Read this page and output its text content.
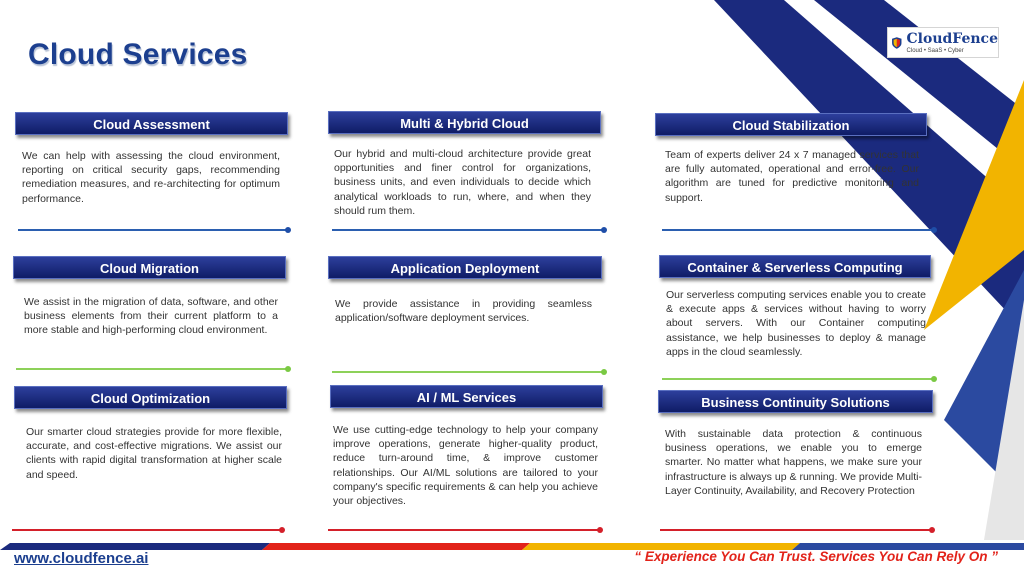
Cloud Services	CloudFence
Cloud • SaaS • Cyber
Cloud Assessment

We can help with assessing the cloud environment, reporting on critical security gaps, recommending remediation measures, and re-architecting for optimum performance.

Multi & Hybrid Cloud

Our hybrid and multi-cloud architecture provide great opportunities and finer control for organizations, business units, and even individuals to decide which analytical workloads to run, where, and when they should rum them.

Cloud Stabilization

Team of experts deliver 24 x 7 managed services that are fully automated, operational and error-free. Our algorithm are tuned for predictive monitoring and support.

Cloud Migration

We assist in the migration of data, software, and other business elements from their current platform to a more stable and high-performing cloud environment.

Application Deployment

We provide assistance in providing seamless application/software deployment services.

Container & Serverless Computing

Our serverless computing services enable you to create & execute apps & services without having to worry about servers. With our Container computing assistance, we help businesses to deploy & manage apps in the cloud seamlessly.

Cloud Optimization

Our smarter cloud strategies provide for more flexible, accurate, and cost-effective migrations. We assist our clients with rapid digital transformation at higher scale and speed.

AI / ML Services

We use cutting-edge technology to help your company improve operations, generate higher-quality product, reduce turn-around time, & improve customer relationships. Our AI/ML solutions are tailored to your company's specific requirements & can help you achieve your objectives.

Business Continuity Solutions

With sustainable data protection & continuous business operations, we enable you to emerge smarter. No matter what happens, we make sure your infrastructure is always up & running. We provide Multi-Layer Continuity, Availability, and Recovery Protection

www.cloudfence.ai	“ Experience You Can Trust. Services You Can Rely On ”
